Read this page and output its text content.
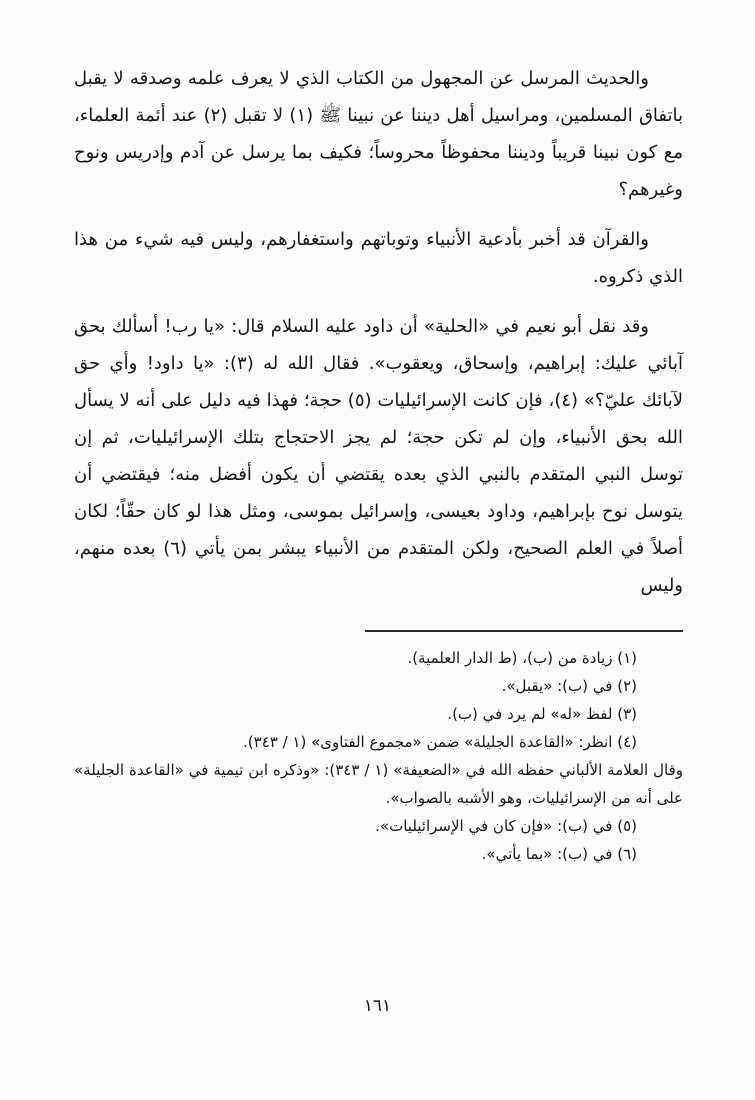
والحديث المرسل عن المجهول من الكتاب الذي لا يعرف علمه وصدقه لا يقبل باتفاق المسلمين، ومراسيل أهل ديننا عن نبينا ﷺ (١) لا تقبل (٢) عند أئمة العلماء، مع كون نبينا قريباً وديننا محفوظاً محروساً؛ فكيف بما يرسل عن آدم وإدريس ونوح وغيرهم؟

والقرآن قد أخبر بأدعية الأنبياء وتوباتهم واستغفارهم، وليس فيه شيء من هذا الذي ذكروه.

وقد نقل أبو نعيم في «الحلية» أن داود عليه السلام قال: «يا رب! أسألك بحق آبائي عليك: إبراهيم، وإسحاق، ويعقوب». فقال الله له (٣): «يا داود! وأي حق لآبائك عليّ؟» (٤)، فإن كانت الإسرائيليات (٥) حجة؛ فهذا فيه دليل على أنه لا يسأل الله بحق الأنبياء، وإن لم تكن حجة؛ لم يجز الاحتجاج بتلك الإسرائيليات، ثم إن توسل النبي المتقدم بالنبي الذي بعده يقتضي أن يكون أفضل منه؛ فيقتضي أن يتوسل نوح بإبراهيم، وداود بعيسى، وإسرائيل بموسى، ومثل هذا لو كان حقّاً؛ لكان أصلاً في العلم الصحيح، ولكن المتقدم من الأنبياء يبشر بمن يأتي (٦) بعده منهم، وليس

(١) زيادة من (ب)، (ط الدار العلمية).

(٢) في (ب): «يقبل».

(٣) لفظ «له» لم يرد في (ب).

(٤) انظر: «القاعدة الجليلة» ضمن «مجموع الفتاوى» (١ / ٣٤٣).

وقال العلامة الألباني حفظه الله في «الضعيفة» (١ / ٣٤٣): «وذكره ابن تيمية في «القاعدة الجليلة» على أنه من الإسرائيليات، وهو الأشبه بالصواب».

(٥) في (ب): «فإن كان في الإسرائيليات».

(٦) في (ب): «بما يأتي».

١٦١
